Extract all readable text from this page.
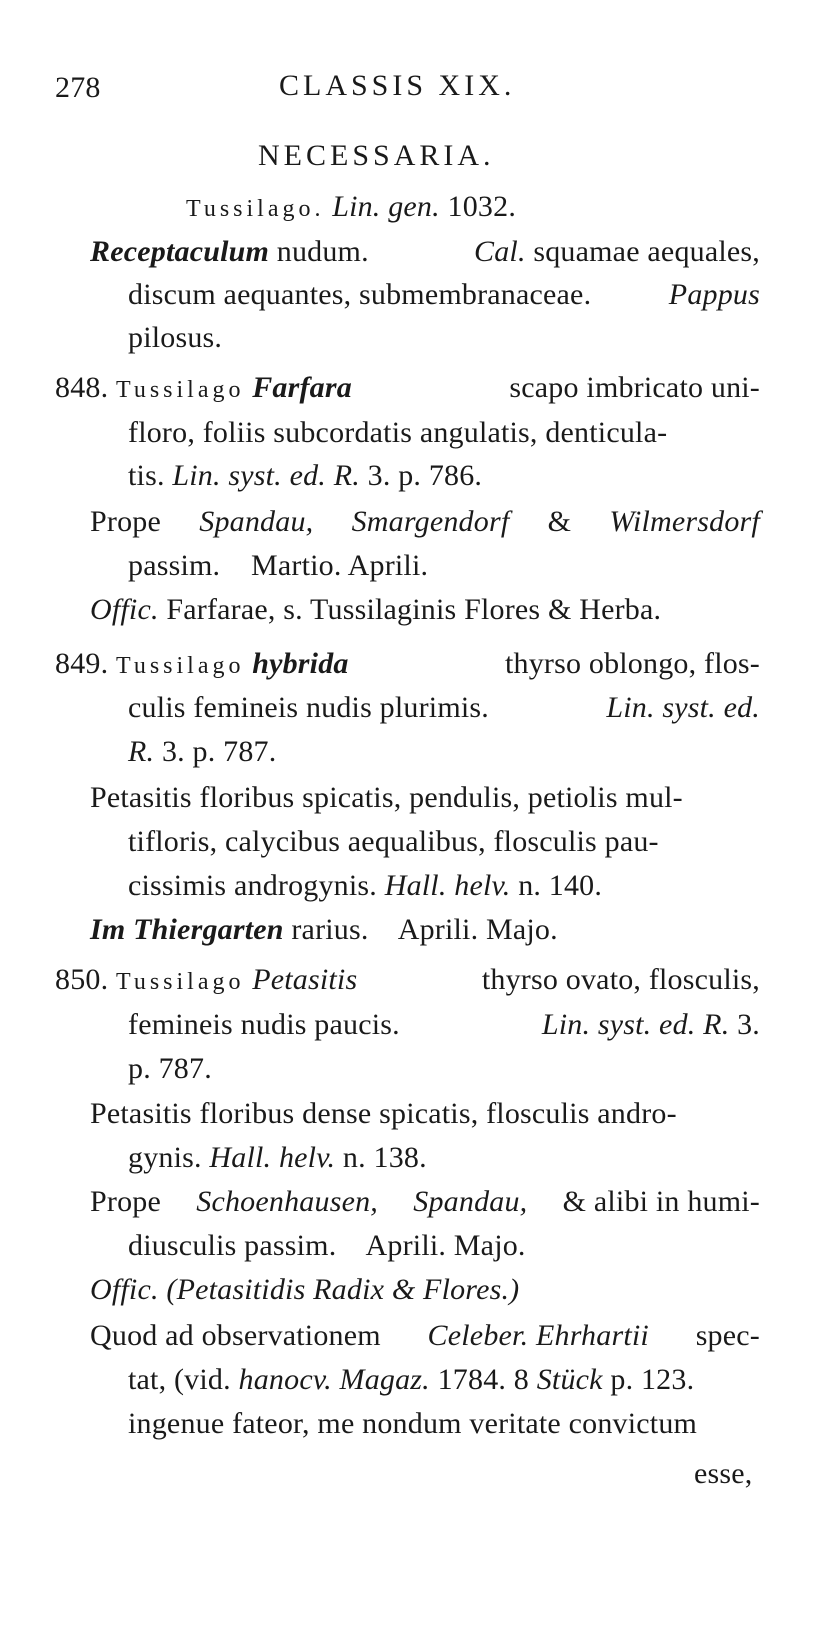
278	CLASSIS XIX.
NECESSARIA.
Tussilago. Lin. gen. 1032.
Receptaculum nudum.	Cal. squamae aequales,
discum aequantes, submembranaceae.	Pappus
pilosus.
848. Tussilago Farfara	scapo imbricato uni-
floro, foliis subcordatis angulatis, denticula-
tis. Lin. syst. ed. R. 3. p. 786.
Prope Spandau, Smargendorf & Wilmersdorf
passim.    Martio. Aprili.
Offic. Farfarae, s. Tussilaginis Flores & Herba.
849. Tussilago hybrida	thyrso oblongo, flos-
culis femineis nudis plurimis.	Lin. syst. ed.
R. 3. p. 787.
Petasitis floribus spicatis, pendulis, petiolis mul-
tifloris, calycibus aequalibus, flosculis pau-
cissimis androgynis. Hall. helv. n. 140.
Im Thiergarten rarius.    Aprili. Majo.
850. Tussilago Petasitis	thyrso ovato, flosculis,
femineis nudis paucis.	Lin. syst. ed. R. 3.
p. 787.
Petasitis floribus dense spicatis, flosculis andro-
gynis. Hall. helv. n. 138.
Prope Schoenhausen, Spandau, & alibi in humi-
diusculis passim.    Aprili. Majo.
Offic. (Petasitidis Radix & Flores.)
Quod ad observationem Celeber. Ehrhartii spec-
tat, (vid. hanocv. Magaz. 1784. 8 Stück p. 123.
ingenue fateor, me nondum veritate convictum
esse,
